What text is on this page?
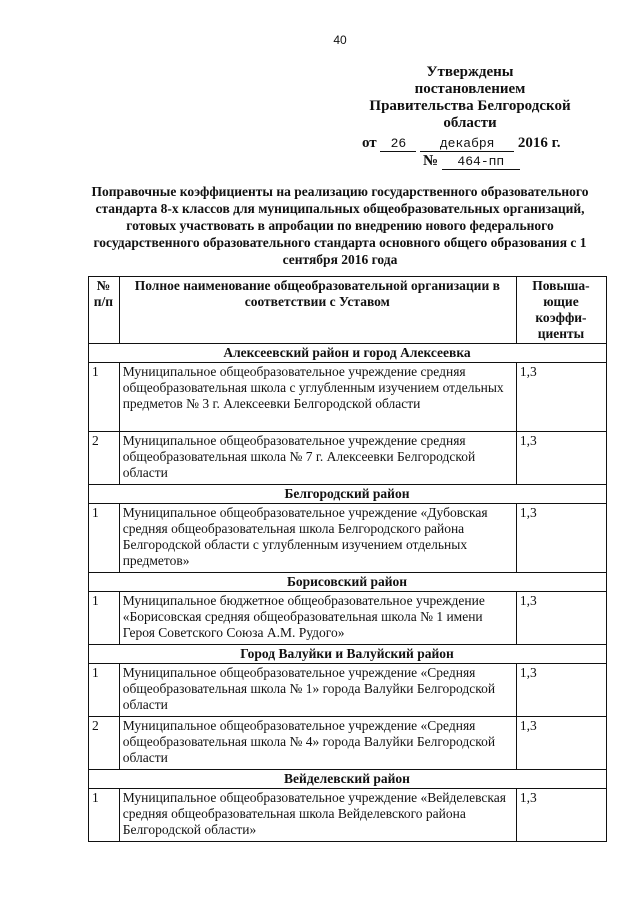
40
Утверждены
постановлением
Правительства Белгородской
области
от 26	декабря 2016 г.
№ 464-пп

Поправочные коэффициенты на реализацию государственного образовательного стандарта 8-х классов для муниципальных общеобразовательных организаций, готовых участвовать в апробации по внедрению нового федерального государственного образовательного стандарта основного общего образования с 1 сентября 2016 года

№ п/п	Полное наименование общеобразовательной организации в соответствии с Уставом	Повыша-ющие коэффи-циенты
Алексеевский район и город Алексеевка		
1	Муниципальное общеобразовательное учреждение средняя общеобразовательная школа с углубленным изучением отдельных предметов № 3 г. Алексеевки Белгородской области	1,3
2	Муниципальное общеобразовательное учреждение средняя общеобразовательная школа № 7 г. Алексеевки Белгородской области	1,3
Белгородский район		
1	Муниципальное общеобразовательное учреждение «Дубовская средняя общеобразовательная школа Белгородского района Белгородской области с углубленным изучением отдельных предметов»	1,3
Борисовский район		
1	Муниципальное бюджетное общеобразовательное учреждение «Борисовская средняя общеобразовательная школа № 1 имени Героя Советского Союза А.М. Рудого»	1,3
Город Валуйки и Валуйский район		
1	Муниципальное общеобразовательное учреждение «Средняя общеобразовательная школа № 1» города Валуйки Белгородской области	1,3
2	Муниципальное общеобразовательное учреждение «Средняя общеобразовательная школа № 4» города Валуйки Белгородской области	1,3
Вейделевский район		
1	Муниципальное общеобразовательное учреждение «Вейделевская средняя общеобразовательная школа Вейделевского района Белгородской области»	1,3
